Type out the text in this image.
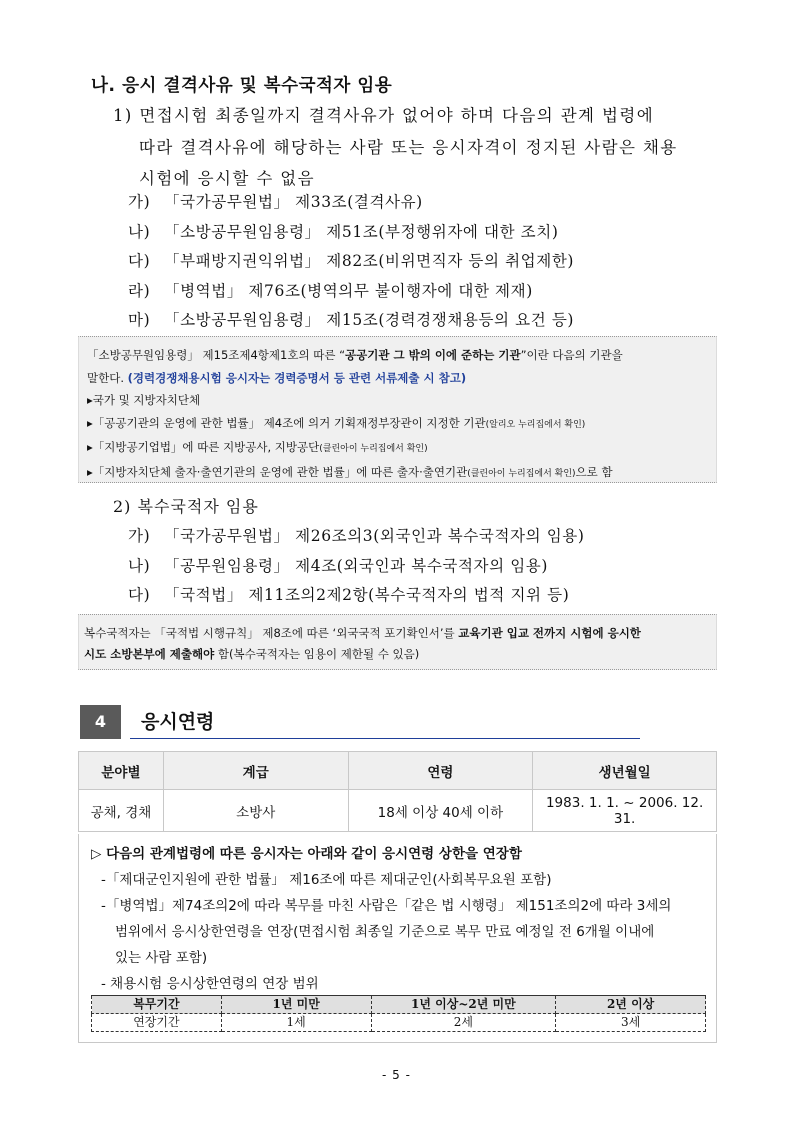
나. 응시 결격사유 및 복수국적자 임용
1) 면접시험 최종일까지 결격사유가 없어야 하며 다음의 관계 법령에
따라 결격사유에 해당하는 사람 또는 응시자격이 정지된 사람은 채용
시험에 응시할 수 없음
가) 「국가공무원법」 제33조(결격사유)
나) 「소방공무원임용령」 제51조(부정행위자에 대한 조치)
다) 「부패방지권익위법」 제82조(비위면직자 등의 취업제한)
라) 「병역법」 제76조(병역의무 불이행자에 대한 제재)
마) 「소방공무원임용령」 제15조(경력경쟁채용등의 요건 등)
「소방공무원임용령」 제15조제4항제1호의 따른 “공공기관 그 밖의 이에 준하는 기관”이란 다음의 기관을
말한다. (경력경쟁채용시험 응시자는 경력증명서 등 관련 서류제출 시 참고)
▸국가 및 지방자치단체
▸「공공기관의 운영에 관한 법률」 제4조에 의거 기획재정부장관이 지정한 기관(알리오 누리집에서 확인)
▸「지방공기업법」에 따른 지방공사, 지방공단(클린아이 누리집에서 확인)
▸「지방자치단체 출자·출연기관의 운영에 관한 법률」에 따른 출자·출연기관(클린아이 누리집에서 확인)으로 함
2) 복수국적자 임용
가) 「국가공무원법」 제26조의3(외국인과 복수국적자의 임용)
나) 「공무원임용령」 제4조(외국인과 복수국적자의 임용)
다) 「국적법」 제11조의2제2항(복수국적자의 법적 지위 등)
복수국적자는 「국적법 시행규칙」 제8조에 따른 ‘외국국적 포기확인서’를 교육기관 입교 전까지 시험에 응시한
시도 소방본부에 제출해야 함(복수국적자는 임용이 제한될 수 있음)
4	응시연령
분야별	계급	연령	생년월일
공채, 경채	소방사	18세 이상 40세 이하	1983. 1. 1. ~ 2006. 12. 31.
▷ 다음의 관계법령에 따른 응시자는 아래와 같이 응시연령 상한을 연장함
-「제대군인지원에 관한 법률」 제16조에 따른 제대군인(사회복무요원 포함)
-「병역법」제74조의2에 따라 복무를 마친 사람은「같은 법 시행령」 제151조의2에 따라 3세의
범위에서 응시상한연령을 연장(면접시험 최종일 기준으로 복무 만료 예정일 전 6개월 이내에
있는 사람 포함)
- 채용시험 응시상한연령의 연장 범위
복무기간	1년 미만	1년 이상~2년 미만	2년 이상
연장기간	1세	2세	3세
- 5 -
